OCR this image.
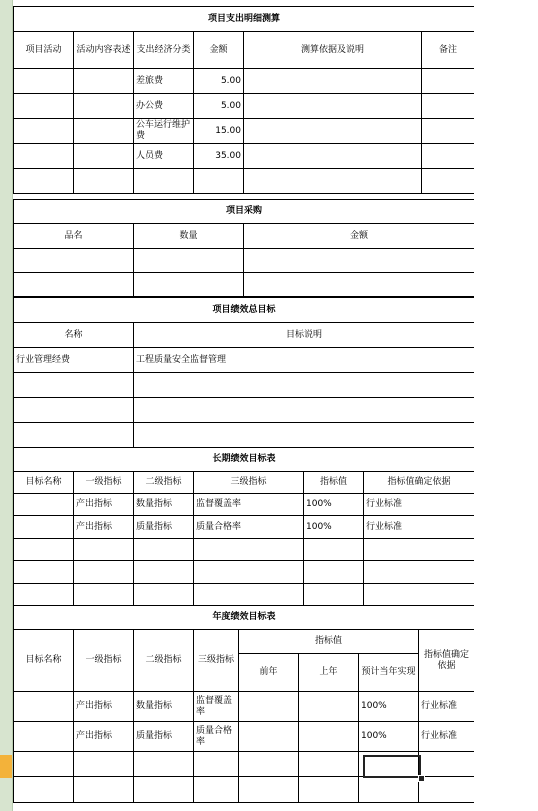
项目支出明细测算					
项目活动	活动内容表述	支出经济分类	金额	测算依据及说明	备注
		差旅费	5.00		
		办公费	5.00		
		公车运行维护费	15.00		
		人员费	35.00		

项目采购		
品名	数量	金额

项目绩效总目标	
名称	目标说明
行业管理经费	工程质量安全监督管理

长期绩效目标表					
目标名称	一级指标	二级指标	三级指标	指标值	指标值确定依据
	产出指标	数量指标	监督覆盖率	100%	行业标准
	产出指标	质量指标	质量合格率	100%	行业标准

年度绩效目标表							
目标名称	一级指标	二级指标	三级指标	指标值			指标值确定依据
				前年	上年	预计当年实现	
	产出指标	数量指标	监督覆盖率			100%	行业标准
	产出指标	质量指标	质量合格率			100%	行业标准
